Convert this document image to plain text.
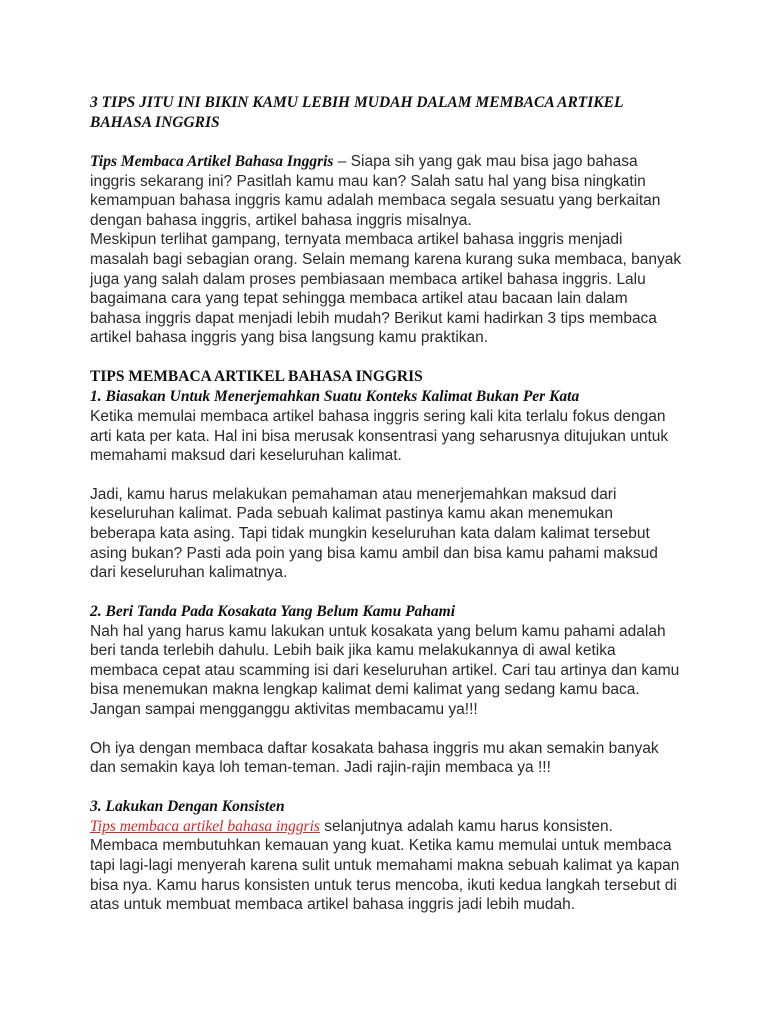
3 TIPS JITU INI BIKIN KAMU LEBIH MUDAH DALAM MEMBACA ARTIKEL BAHASA INGGRIS

Tips Membaca Artikel Bahasa Inggris – Siapa sih yang gak mau bisa jago bahasa inggris sekarang ini? Pasitlah kamu mau kan? Salah satu hal yang bisa ningkatin kemampuan bahasa inggris kamu adalah membaca segala sesuatu yang berkaitan dengan bahasa inggris, artikel bahasa inggris misalnya.

Meskipun terlihat gampang, ternyata membaca artikel bahasa inggris menjadi masalah bagi sebagian orang. Selain memang karena kurang suka membaca, banyak juga yang salah dalam proses pembiasaan membaca artikel bahasa inggris. Lalu bagaimana cara yang tepat sehingga membaca artikel atau bacaan lain dalam bahasa inggris dapat menjadi lebih mudah? Berikut kami hadirkan 3 tips membaca artikel bahasa inggris yang bisa langsung kamu praktikan.

TIPS MEMBACA ARTIKEL BAHASA INGGRIS
1. Biasakan Untuk Menerjemahkan Suatu Konteks Kalimat Bukan Per Kata

Ketika memulai membaca artikel bahasa inggris sering kali kita terlalu fokus dengan arti kata per kata. Hal ini bisa merusak konsentrasi yang seharusnya ditujukan untuk memahami maksud dari keseluruhan kalimat.

Jadi, kamu harus melakukan pemahaman atau menerjemahkan maksud dari keseluruhan kalimat. Pada sebuah kalimat pastinya kamu akan menemukan beberapa kata asing. Tapi tidak mungkin keseluruhan kata dalam kalimat tersebut asing bukan? Pasti ada poin yang bisa kamu ambil dan bisa kamu pahami maksud dari keseluruhan kalimatnya.

2. Beri Tanda Pada Kosakata Yang Belum Kamu Pahami

Nah hal yang harus kamu lakukan untuk kosakata yang belum kamu pahami adalah beri tanda terlebih dahulu. Lebih baik jika kamu melakukannya di awal ketika membaca cepat atau scamming isi dari keseluruhan artikel. Cari tau artinya dan kamu bisa menemukan makna lengkap kalimat demi kalimat yang sedang kamu baca. Jangan sampai mengganggu aktivitas membacamu ya!!!

Oh iya dengan membaca daftar kosakata bahasa inggris mu akan semakin banyak dan semakin kaya loh teman-teman. Jadi rajin-rajin membaca ya !!!

3. Lakukan Dengan Konsisten

Tips membaca artikel bahasa inggris selanjutnya adalah kamu harus konsisten.
Membaca membutuhkan kemauan yang kuat. Ketika kamu memulai untuk membaca tapi lagi-lagi menyerah karena sulit untuk memahami makna sebuah kalimat ya kapan bisa nya. Kamu harus konsisten untuk terus mencoba, ikuti kedua langkah tersebut di atas untuk membuat membaca artikel bahasa inggris jadi lebih mudah.
